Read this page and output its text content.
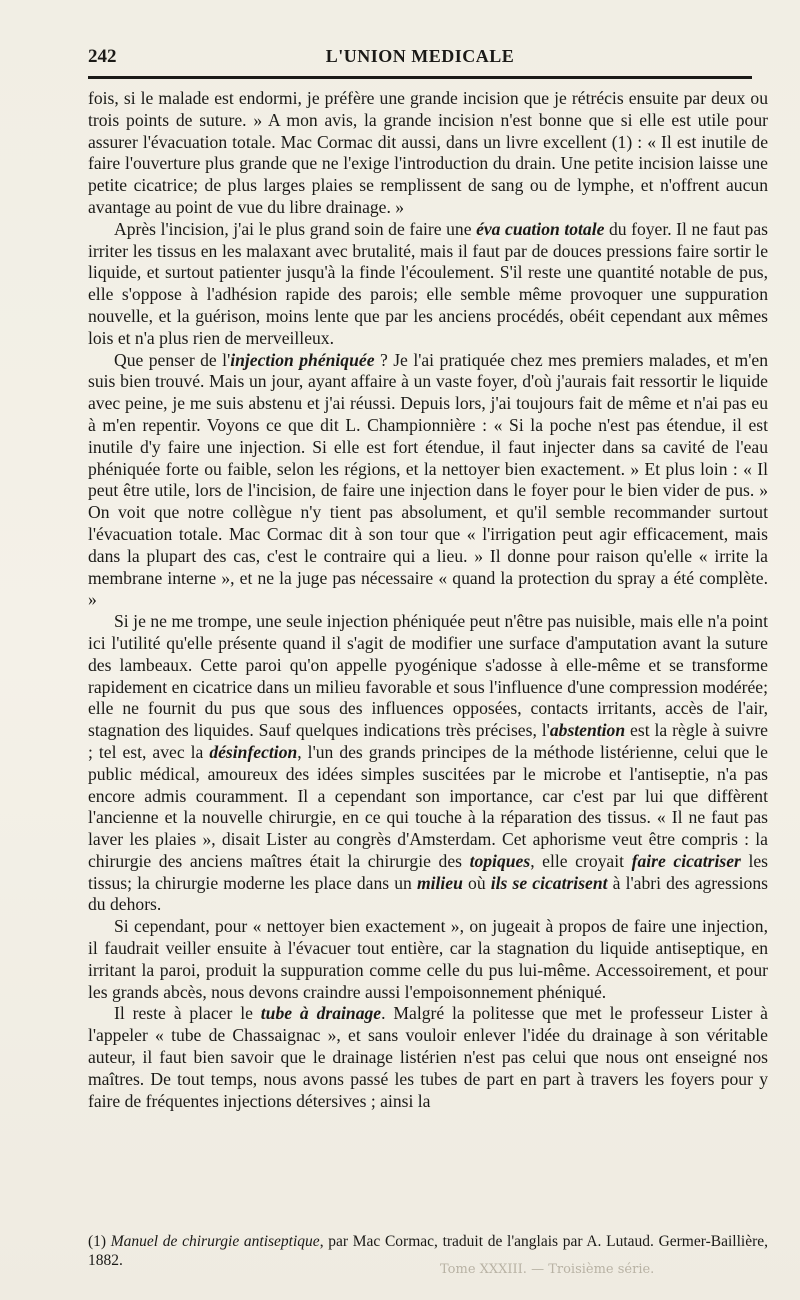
242	L'UNION MEDICALE

fois, si le malade est endormi, je préfère une grande incision que je rétrécis ensuite par deux ou trois points de suture. » A mon avis, la grande incision n'est bonne que si elle est utile pour assurer l'évacuation totale. Mac Cormac dit aussi, dans un livre excellent (1) : « Il est inutile de faire l'ouverture plus grande que ne l'exige l'introduction du drain. Une petite incision laisse une petite cicatrice; de plus larges plaies se remplissent de sang ou de lymphe, et n'offrent aucun avantage au point de vue du libre drainage. »

Après l'incision, j'ai le plus grand soin de faire une éva cuation totale du foyer. Il ne faut pas irriter les tissus en les malaxant avec brutalité, mais il faut par de douces pressions faire sortir le liquide, et surtout patienter jusqu'à la finde l'écoulement. S'il reste une quantité notable de pus, elle s'oppose à l'adhésion rapide des parois; elle semble même provoquer une suppuration nouvelle, et la guérison, moins lente que par les anciens procédés, obéit cependant aux mêmes lois et n'a plus rien de merveilleux.

Que penser de l'injection phéniquée ? Je l'ai pratiquée chez mes premiers malades, et m'en suis bien trouvé. Mais un jour, ayant affaire à un vaste foyer, d'où j'aurais fait ressortir le liquide avec peine, je me suis abstenu et j'ai réussi. Depuis lors, j'ai toujours fait de même et n'ai pas eu à m'en repentir. Voyons ce que dit L. Championnière : « Si la poche n'est pas étendue, il est inutile d'y faire une injection. Si elle est fort étendue, il faut injecter dans sa cavité de l'eau phéniquée forte ou faible, selon les régions, et la nettoyer bien exactement. » Et plus loin : « Il peut être utile, lors de l'incision, de faire une injection dans le foyer pour le bien vider de pus. » On voit que notre collègue n'y tient pas absolument, et qu'il semble recommander surtout l'évacuation totale. Mac Cormac dit à son tour que « l'irrigation peut agir efficacement, mais dans la plupart des cas, c'est le contraire qui a lieu. » Il donne pour raison qu'elle « irrite la membrane interne », et ne la juge pas nécessaire « quand la protection du spray a été complète. »

Si je ne me trompe, une seule injection phéniquée peut n'être pas nuisible, mais elle n'a point ici l'utilité qu'elle présente quand il s'agit de modifier une surface d'amputation avant la suture des lambeaux. Cette paroi qu'on appelle pyogénique s'adosse à elle-même et se transforme rapidement en cicatrice dans un milieu favorable et sous l'influence d'une compression modérée; elle ne fournit du pus que sous des influences opposées, contacts irritants, accès de l'air, stagnation des liquides. Sauf quelques indications très précises, l'abstention est la règle à suivre ; tel est, avec la désinfection, l'un des grands principes de la méthode listérienne, celui que le public médical, amoureux des idées simples suscitées par le microbe et l'antiseptie, n'a pas encore admis couramment. Il a cependant son importance, car c'est par lui que diffèrent l'ancienne et la nouvelle chirurgie, en ce qui touche à la réparation des tissus. « Il ne faut pas laver les plaies », disait Lister au congrès d'Amsterdam. Cet aphorisme veut être compris : la chirurgie des anciens maîtres était la chirurgie des topiques, elle croyait faire cicatriser les tissus; la chirurgie moderne les place dans un milieu où ils se cicatrisent à l'abri des agressions du dehors.

Si cependant, pour « nettoyer bien exactement », on jugeait à propos de faire une injection, il faudrait veiller ensuite à l'évacuer tout entière, car la stagnation du liquide antiseptique, en irritant la paroi, produit la suppuration comme celle du pus lui-même. Accessoirement, et pour les grands abcès, nous devons craindre aussi l'empoisonnement phéniqué.

Il reste à placer le tube à drainage. Malgré la politesse que met le professeur Lister à l'appeler « tube de Chassaignac », et sans vouloir enlever l'idée du drainage à son véritable auteur, il faut bien savoir que le drainage listérien n'est pas celui que nous ont enseigné nos maîtres. De tout temps, nous avons passé les tubes de part en part à travers les foyers pour y faire de fréquentes injections détersives ; ainsi la

(1) Manuel de chirurgie antiseptique, par Mac Cormac, traduit de l'anglais par A. Lutaud. Germer-Baillière, 1882.
Tome XXXIII. — Troisième série.
